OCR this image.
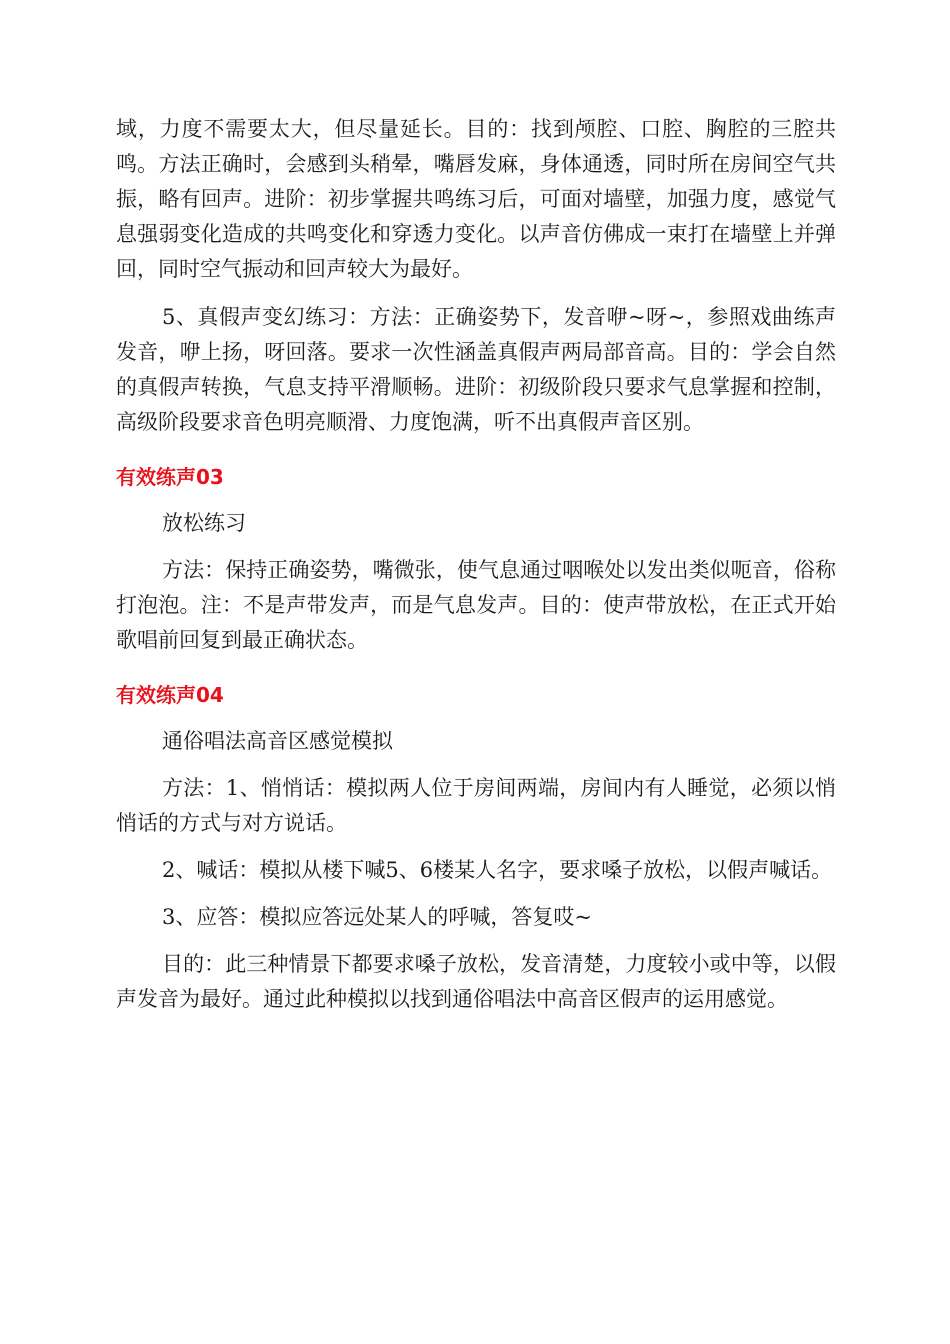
域，力度不需要太大，但尽量延长。目的：找到颅腔、口腔、胸腔的三腔共鸣。方法正确时，会感到头稍晕，嘴唇发麻，身体通透，同时所在房间空气共振，略有回声。进阶：初步掌握共鸣练习后，可面对墙壁，加强力度，感觉气息强弱变化造成的共鸣变化和穿透力变化。以声音仿佛成一束打在墙壁上并弹回，同时空气振动和回声较大为最好。

5、真假声变幻练习：方法：正确姿势下，发音咿~呀~，参照戏曲练声发音，咿上扬，呀回落。要求一次性涵盖真假声两局部音高。目的：学会自然的真假声转换，气息支持平滑顺畅。进阶：初级阶段只要求气息掌握和控制，高级阶段要求音色明亮顺滑、力度饱满，听不出真假声音区别。

有效练声03

放松练习

方法：保持正确姿势，嘴微张，使气息通过咽喉处以发出类似呃音，俗称打泡泡。注：不是声带发声，而是气息发声。目的：使声带放松，在正式开始歌唱前回复到最正确状态。

有效练声04

通俗唱法高音区感觉模拟

方法：1、悄悄话：模拟两人位于房间两端，房间内有人睡觉，必须以悄悄话的方式与对方说话。

2、喊话：模拟从楼下喊5、6楼某人名字，要求嗓子放松，以假声喊话。

3、应答：模拟应答远处某人的呼喊，答复哎~

目的：此三种情景下都要求嗓子放松，发音清楚，力度较小或中等，以假声发音为最好。通过此种模拟以找到通俗唱法中高音区假声的运用感觉。
